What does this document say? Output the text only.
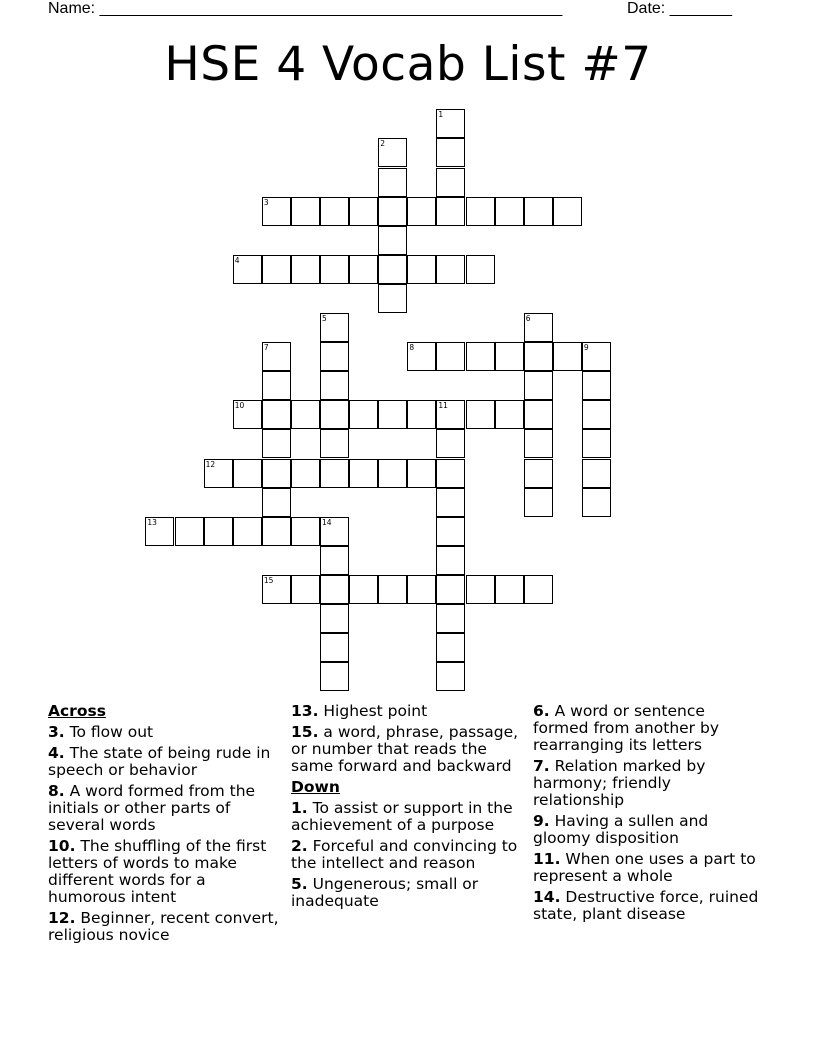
Name: ____________________________________________________	Date: _______
HSE 4 Vocab List #7
1
2
3
4
5	6
7	8	9
10	11
12
13	14
15
Across
3. To flow out
4. The state of being rude in speech or behavior
8. A word formed from the initials or other parts of several words
10. The shuffling of the first letters of words to make different words for a humorous intent
12. Beginner, recent convert, religious novice
13. Highest point
15. a word, phrase, passage, or number that reads the same forward and backward
Down
1. To assist or support in the achievement of a purpose
2. Forceful and convincing to the intellect and reason
5. Ungenerous; small or inadequate
6. A word or sentence formed from another by rearranging its letters
7. Relation marked by harmony; friendly relationship
9. Having a sullen and gloomy disposition
11. When one uses a part to represent a whole
14. Destructive force, ruined state, plant disease
